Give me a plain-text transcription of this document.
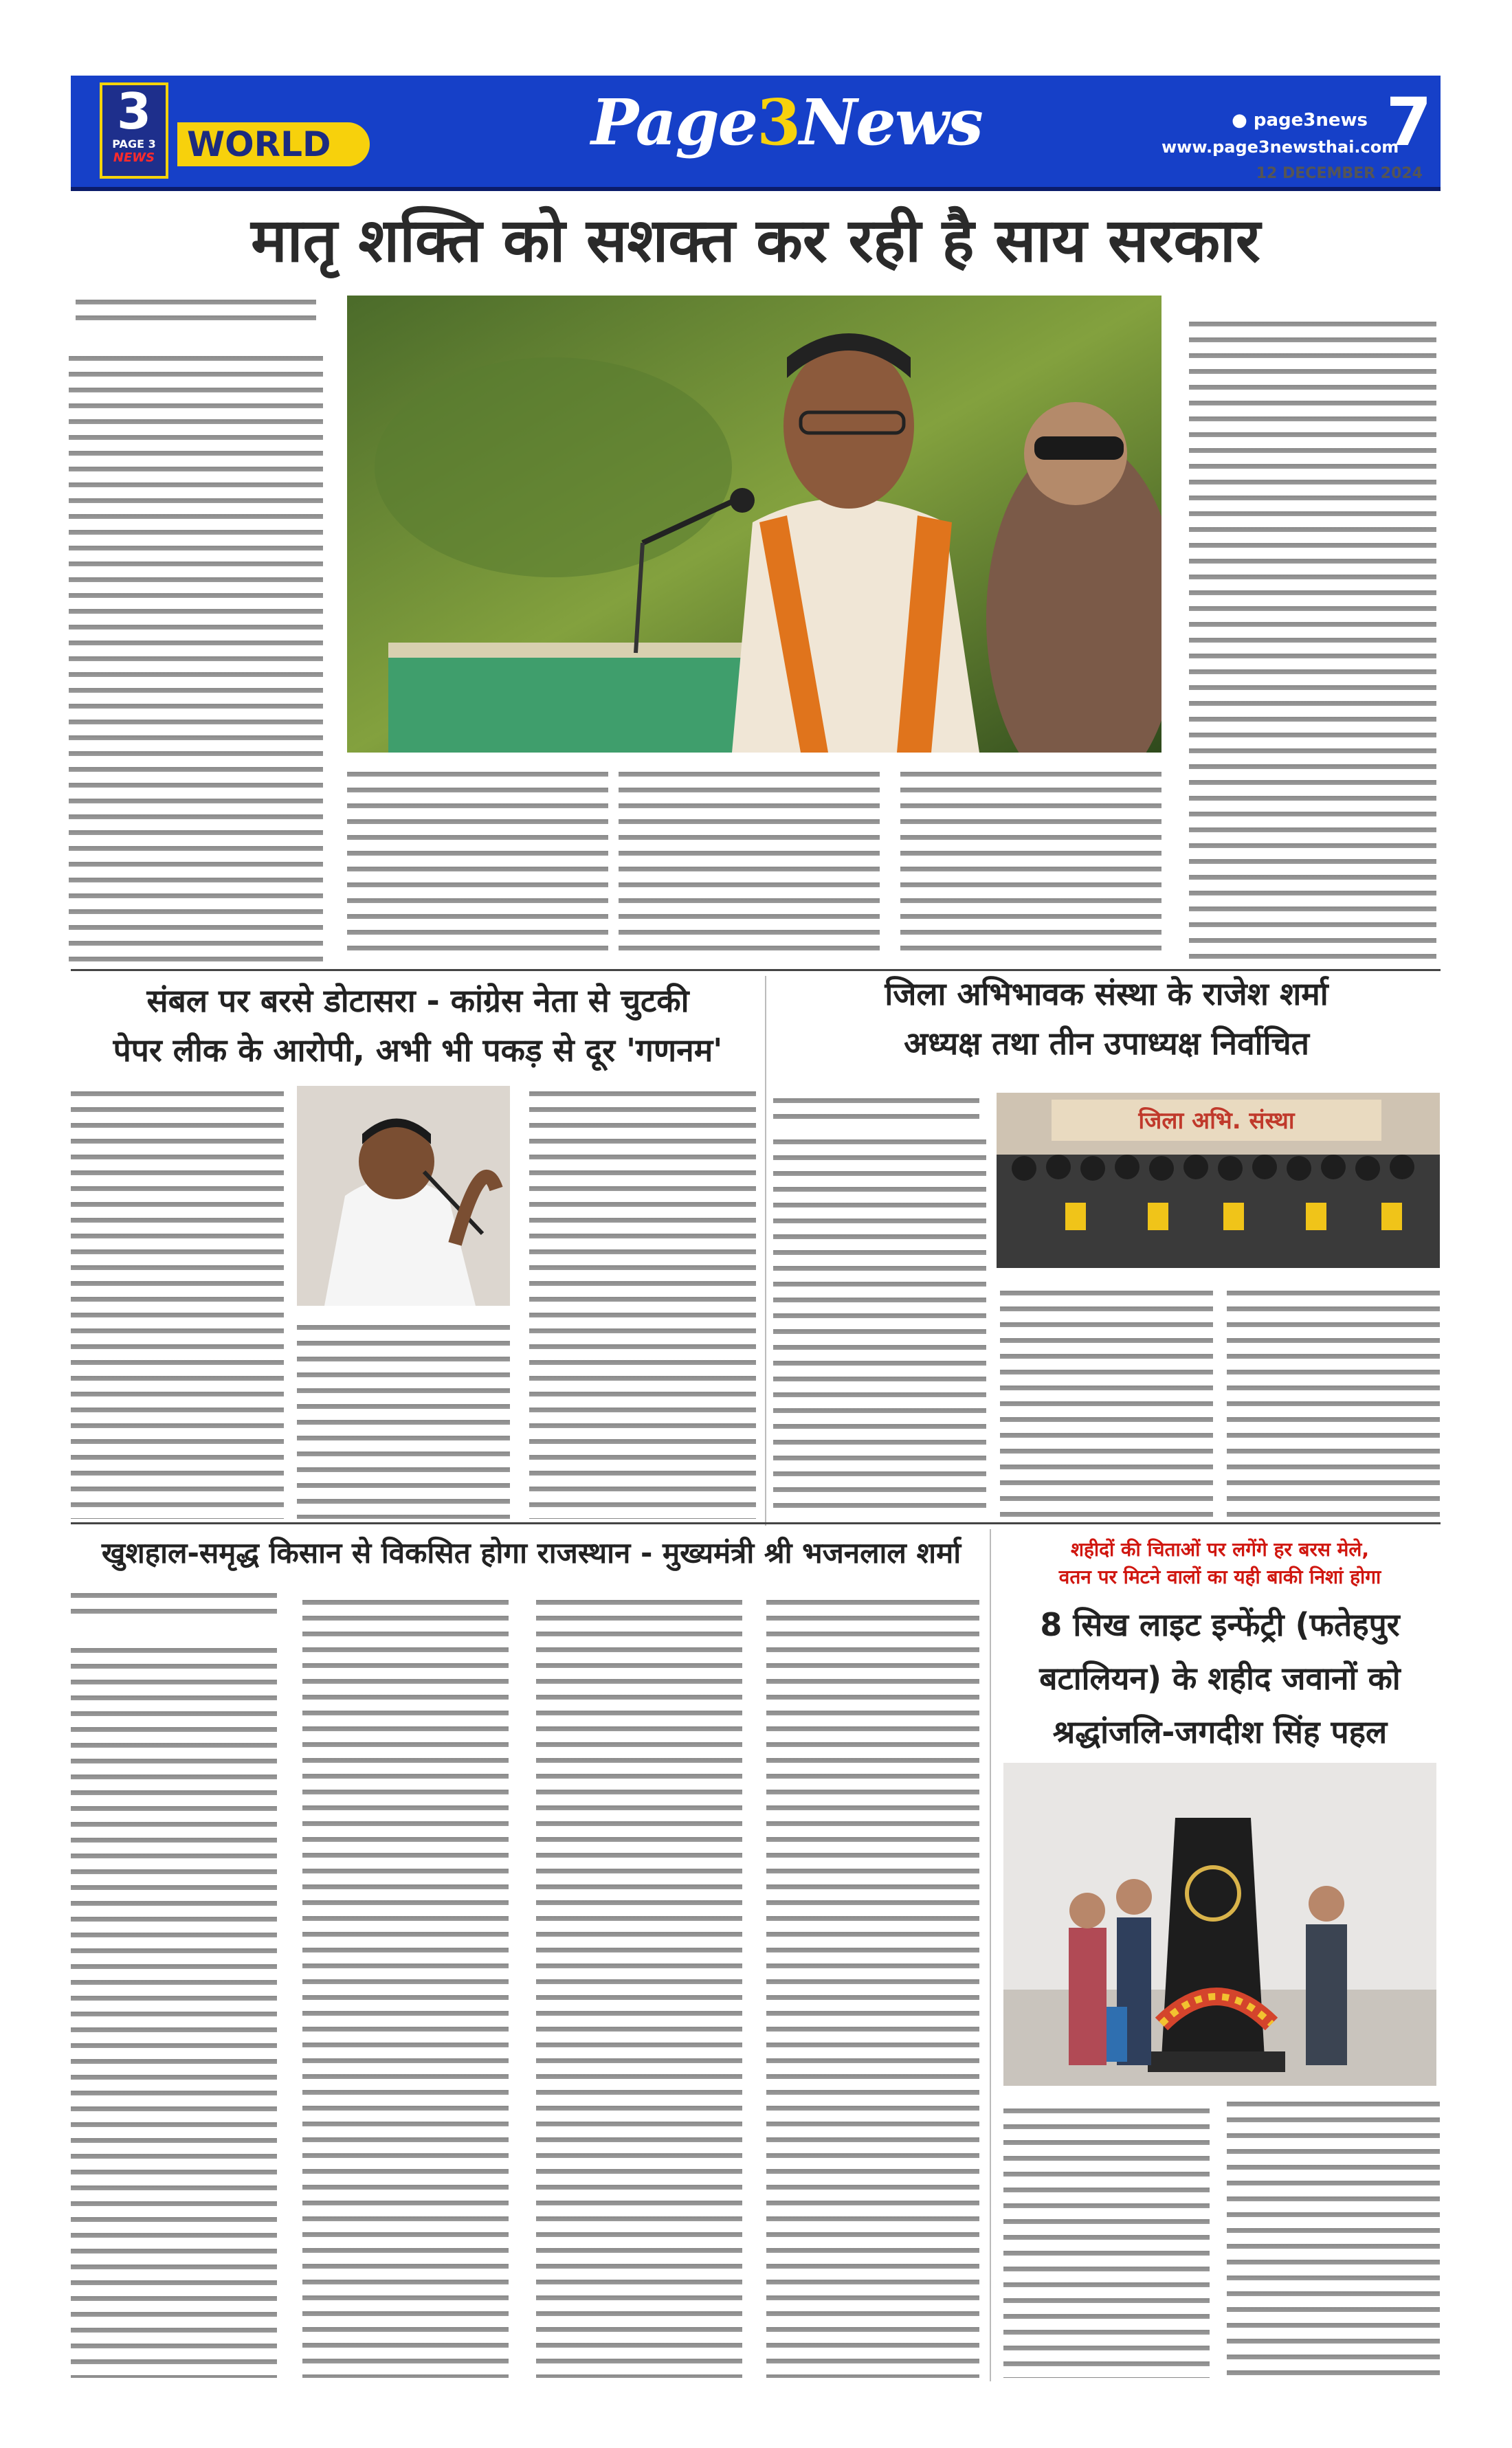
3
PAGE 3
NEWS WORLD	Page3News	● page3news
www.page3newsthai.com
7
12 DECEMBER 2024
मातृ शक्ति को सशक्त कर रही है साय सरकार
संबल पर बरसे डोटासरा - कांग्रेस नेता से चुटकी
पेपर लीक के आरोपी, अभी भी पकड़ से दूर 'गणनम'
जिला अभिभावक संस्था के राजेश शर्मा
अध्यक्ष तथा तीन उपाध्यक्ष निर्वाचित
जिला अभि. संस्था
खुशहाल-समृद्ध किसान से विकसित होगा राजस्थान - मुख्यमंत्री श्री भजनलाल शर्मा	शहीदों की चिताओं पर लगेंगे हर बरस मेले,
वतन पर मिटने वालों का यही बाकी निशां होगा
8 सिख लाइट इन्फेंट्री (फतेहपुर
बटालियन) के शहीद जवानों को
श्रद्धांजलि-जगदीश सिंह पहल
